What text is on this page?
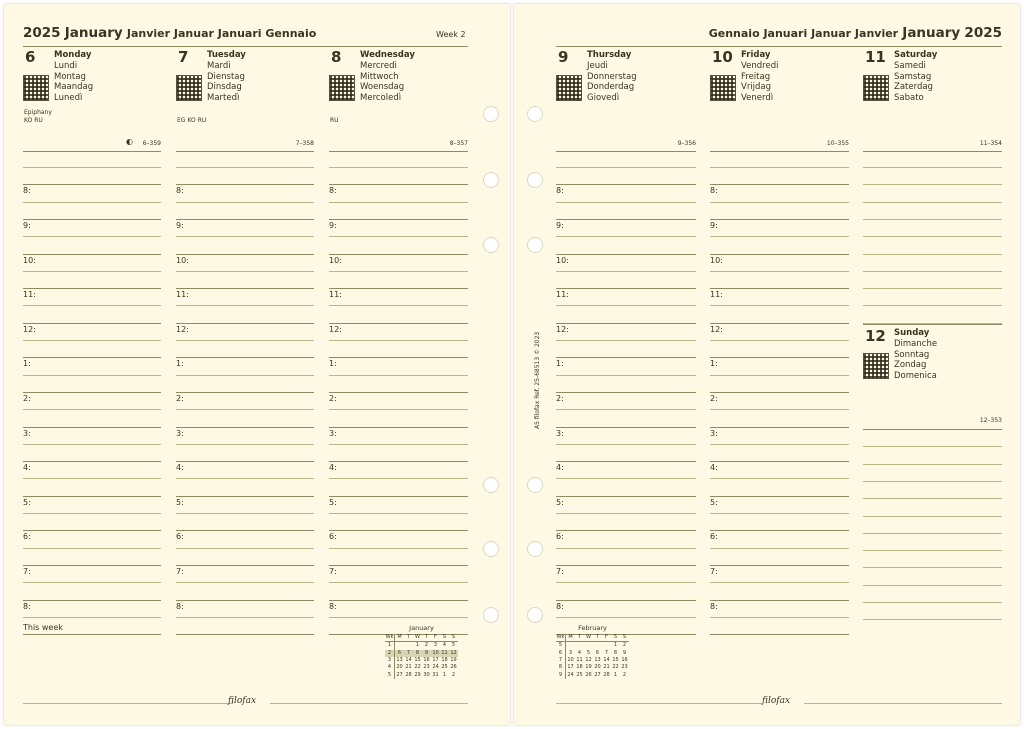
2025 January Janvier Januar Januari Gennaio	Week 2
6 Monday
Lundi
Montag
Maandag
Lunedì
Epiphany
KO RU
◐ 6–359
8:
9:
10:
11:
12:
1:
2:
3:
4:
5:
6:
7:
8:
7 Tuesday
Mardi
Dienstag
Dinsdag
Martedì
EG KO RU
7–358
8:
9:
10:
11:
12:
1:
2:
3:
4:
5:
6:
7:
8:
8 Wednesday
Mercredi
Mittwoch
Woensdag
Mercoledì
RU
8–357
8:
9:
10:
11:
12:
1:
2:
3:
4:
5:
6:
7:
8:
This week	January
Wk	M	T	W	T	F	S	S
1			1	2	3	4	5
2	6	7	8	9	10	11	12
3	13	14	15	16	17	18	19
4	20	21	22	23	24	25	26
5	27	28	29	30	31	1	2
filofax
Gennaio Januari Januar Janvier January 2025
9 Thursday
Jeudi
Donnerstag
Donderdag
Giovedì
9–356
8:
9:
10:
11:
12:
1:
2:
3:
4:
5:
6:
7:
8:
10 Friday
Vendredi
Freitag
Vrijdag
Venerdì
10–355
8:
9:
10:
11:
12:
1:
2:
3:
4:
5:
6:
7:
8:
11 Saturday
Samedi
Samstag
Zaterdag
Sabato
11–354
12 Sunday
Dimanche
Sonntag
Zondag
Domenica
12–353
February
Wk	M	T	W	T	F	S	S
5						1	2
6	3	4	5	6	7	8	9
7	10	11	12	13	14	15	16
8	17	18	19	20	21	22	23
9	24	25	26	27	28	1	2
A5 filofax Ref. 25-68513 © 2023
filofax
